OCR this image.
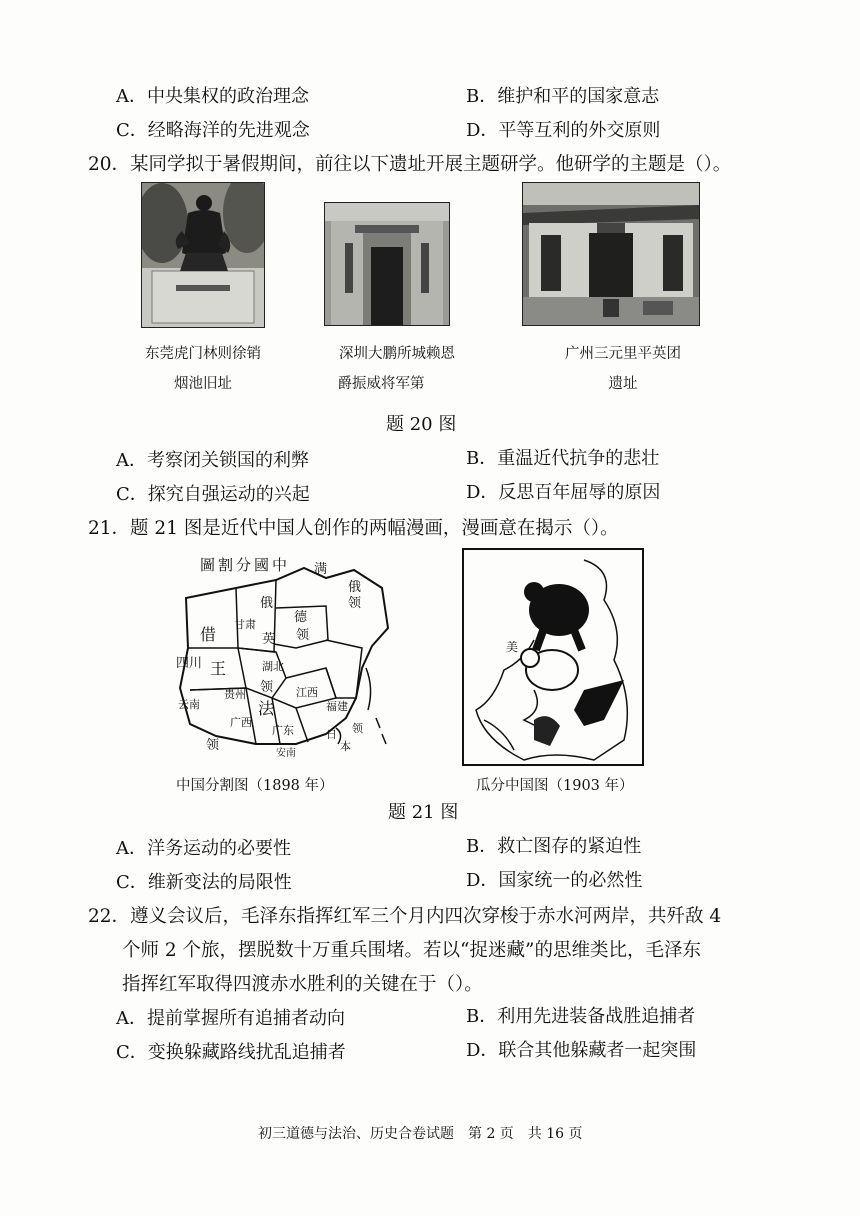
A．中央集权的政治理念	B．维护和平的国家意志
C．经略海洋的先进观念	D．平等互利的外交原则
20．某同学拟于暑假期间，前往以下遗址开展主题研学。他研学的主题是（）。
东莞虎门林则徐销
烟池旧址
深圳大鹏所城赖恩
爵振威将军第
广州三元里平英团
遗址
题 20 图
A．考察闭关锁国的利弊	B．重温近代抗争的悲壮
C．探究自强运动的兴起	D．反思百年屈辱的原因
21．题 21 图是近代中国人创作的两幅漫画，漫画意在揭示（）。
圖割分國中 满
俄
领
德
领
借
甘肃
俄
英
四川 王	湖北
领
云南
贵州
法
江西
广西
广东
福建
安南
领
日
本
领
美
中国分割图（1898 年）	瓜分中国图（1903 年）
题 21 图
A．洋务运动的必要性	B．救亡图存的紧迫性
C．维新变法的局限性	D．国家统一的必然性
22．遵义会议后，毛泽东指挥红军三个月内四次穿梭于赤水河两岸，共歼敌 4
个师 2 个旅，摆脱数十万重兵围堵。若以“捉迷藏”的思维类比，毛泽东
指挥红军取得四渡赤水胜利的关键在于（）。
A．提前掌握所有追捕者动向	B．利用先进装备战胜追捕者
C．变换躲藏路线扰乱追捕者	D．联合其他躲藏者一起突围
初三道德与法治、历史合卷试题　第 2 页　共 16 页
